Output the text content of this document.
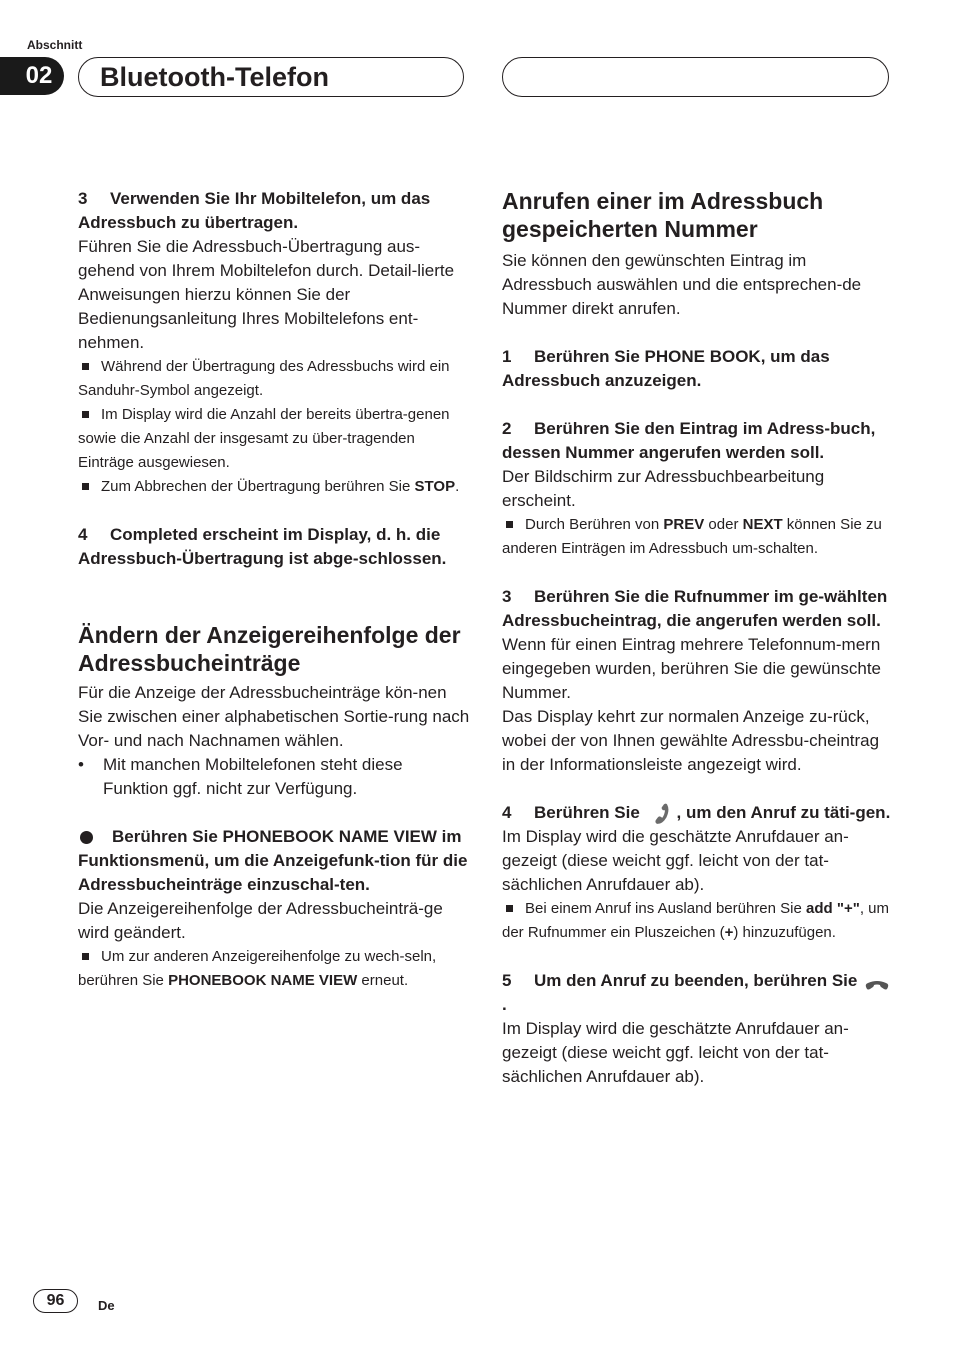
Abschnitt
02	Bluetooth-Telefon
3 Verwenden Sie Ihr Mobiltelefon, um das Adressbuch zu übertragen.
Führen Sie die Adressbuch-Übertragung aus-gehend von Ihrem Mobiltelefon durch. Detail-lierte Anweisungen hierzu können Sie der Bedienungsanleitung Ihres Mobiltelefons ent-nehmen.
Während der Übertragung des Adressbuchs wird ein Sanduhr-Symbol angezeigt.
Im Display wird die Anzahl der bereits übertra-genen sowie die Anzahl der insgesamt zu über-tragenden Einträge ausgewiesen.
Zum Abbrechen der Übertragung berühren Sie STOP.
4 Completed erscheint im Display, d. h. die Adressbuch-Übertragung ist abge-schlossen.
Ändern der Anzeigereihenfolge der Adressbucheinträge
Für die Anzeige der Adressbucheinträge kön-nen Sie zwischen einer alphabetischen Sortie-rung nach Vor- und nach Nachnamen wählen.
•	Mit manchen Mobiltelefonen steht diese Funktion ggf. nicht zur Verfügung.
Berühren Sie PHONEBOOK NAME VIEW im Funktionsmenü, um die Anzeigefunk-tion für die Adressbucheinträge einzuschal-ten.
Die Anzeigereihenfolge der Adressbucheinträ-ge wird geändert.
Um zur anderen Anzeigereihenfolge zu wech-seln, berühren Sie PHONEBOOK NAME VIEW erneut.
Anrufen einer im Adressbuch gespeicherten Nummer
Sie können den gewünschten Eintrag im Adressbuch auswählen und die entsprechen-de Nummer direkt anrufen.
1 Berühren Sie PHONE BOOK, um das Adressbuch anzuzeigen.
2 Berühren Sie den Eintrag im Adress-buch, dessen Nummer angerufen werden soll.
Der Bildschirm zur Adressbuchbearbeitung erscheint.
Durch Berühren von PREV oder NEXT können Sie zu anderen Einträgen im Adressbuch um-schalten.
3 Berühren Sie die Rufnummer im ge-wählten Adressbucheintrag, die angerufen werden soll.
Wenn für einen Eintrag mehrere Telefonnum-mern eingegeben wurden, berühren Sie die gewünschte Nummer.
Das Display kehrt zur normalen Anzeige zu-rück, wobei der von Ihnen gewählte Adressbu-cheintrag in der Informationsleiste angezeigt wird.
4 Berühren Sie , um den Anruf zu täti-gen.
Im Display wird die geschätzte Anrufdauer an-gezeigt (diese weicht ggf. leicht von der tat-sächlichen Anrufdauer ab).
Bei einem Anruf ins Ausland berühren Sie add "+", um der Rufnummer ein Pluszeichen (+) hinzuzufügen.
5 Um den Anruf zu beenden, berühren Sie .
Im Display wird die geschätzte Anrufdauer an-gezeigt (diese weicht ggf. leicht von der tat-sächlichen Anrufdauer ab).
96	De
